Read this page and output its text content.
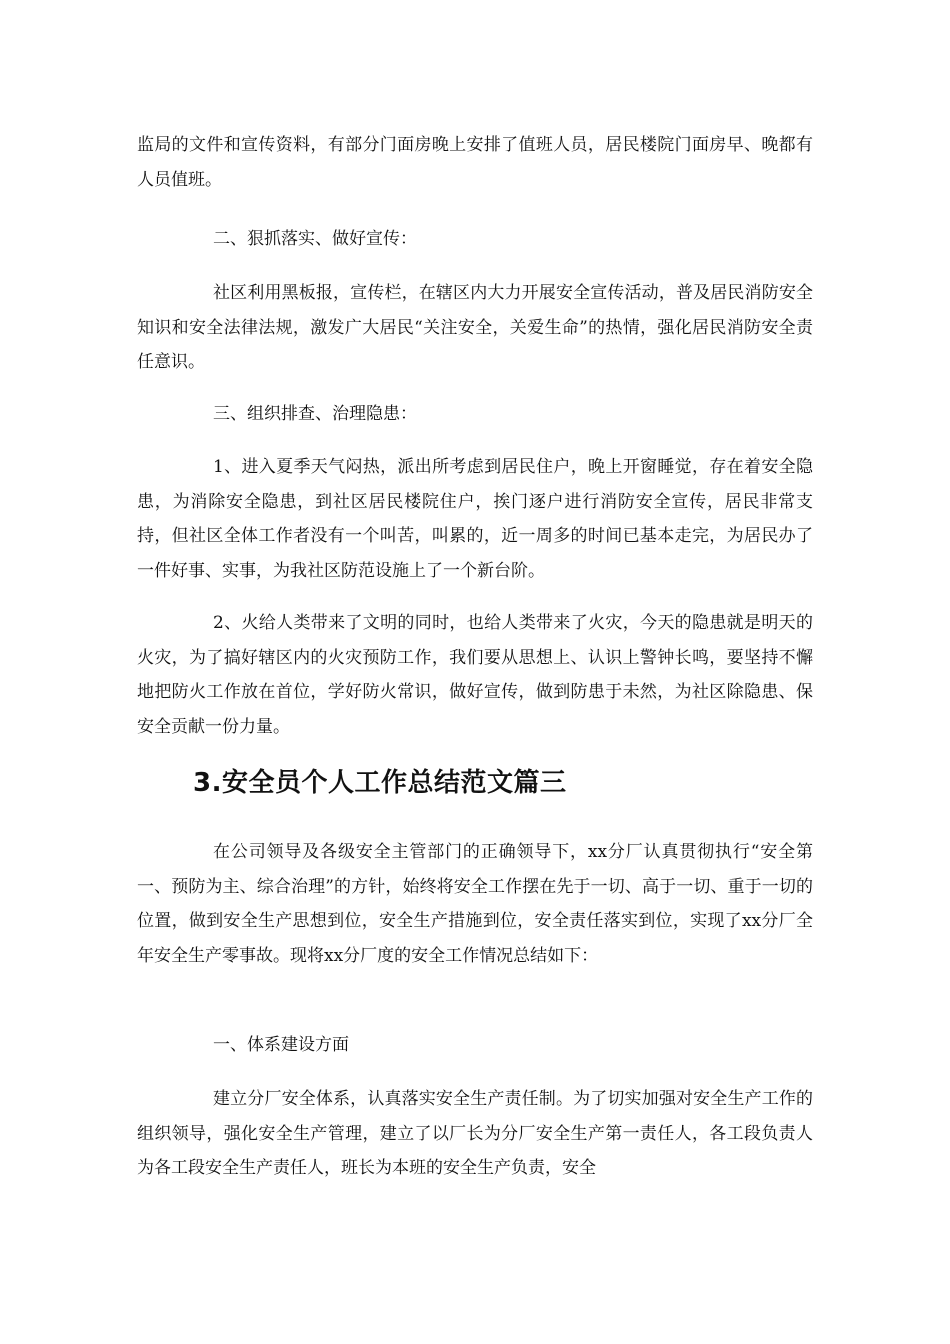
监局的文件和宣传资料，有部分门面房晚上安排了值班人员，居民楼院门面房早、晚都有人员值班。

二、狠抓落实、做好宣传：

社区利用黑板报，宣传栏，在辖区内大力开展安全宣传活动，普及居民消防安全知识和安全法律法规，激发广大居民“关注安全，关爱生命”的热情，强化居民消防安全责任意识。

三、组织排查、治理隐患：

1、进入夏季天气闷热，派出所考虑到居民住户，晚上开窗睡觉，存在着安全隐患，为消除安全隐患，到社区居民楼院住户，挨门逐户进行消防安全宣传，居民非常支持，但社区全体工作者没有一个叫苦，叫累的，近一周多的时间已基本走完，为居民办了一件好事、实事，为我社区防范设施上了一个新台阶。

2、火给人类带来了文明的同时，也给人类带来了火灾，今天的隐患就是明天的火灾，为了搞好辖区内的火灾预防工作，我们要从思想上、认识上警钟长鸣，要坚持不懈地把防火工作放在首位，学好防火常识，做好宣传，做到防患于未然，为社区除隐患、保安全贡献一份力量。

3.安全员个人工作总结范文篇三

在公司领导及各级安全主管部门的正确领导下，xx分厂认真贯彻执行“安全第一、预防为主、综合治理”的方针，始终将安全工作摆在先于一切、高于一切、重于一切的位置，做到安全生产思想到位，安全生产措施到位，安全责任落实到位，实现了xx分厂全年安全生产零事故。现将xx分厂度的安全工作情况总结如下：

一、体系建设方面

建立分厂安全体系，认真落实安全生产责任制。为了切实加强对安全生产工作的组织领导，强化安全生产管理，建立了以厂长为分厂安全生产第一责任人，各工段负责人为各工段安全生产责任人，班长为本班的安全生产负责，安全
